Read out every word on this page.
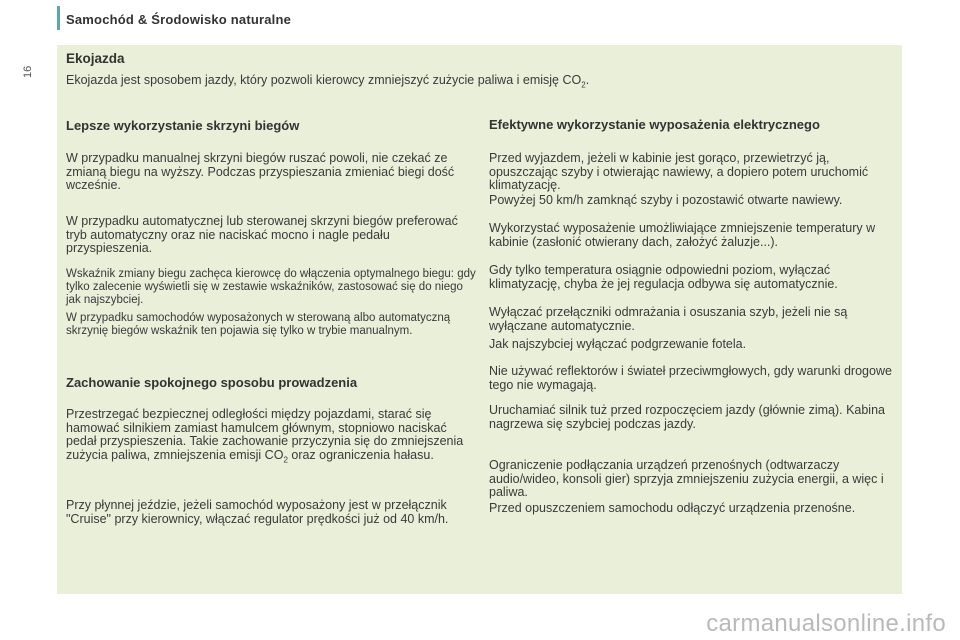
Samochód & Środowisko naturalne
16
Ekojazda

Ekojazda jest sposobem jazdy, który pozwoli kierowcy zmniejszyć zużycie paliwa i emisję $CO_2$.

Lepsze wykorzystanie skrzyni biegów

W przypadku manualnej skrzyni biegów ruszać powoli, nie czekać ze zmianą biegu na wyższy. Podczas przyspieszania zmieniać biegi dość wcześnie.

W przypadku automatycznej lub sterowanej skrzyni biegów preferować tryb automatyczny oraz nie naciskać mocno i nagle pedału przyspieszenia.

Wskaźnik zmiany biegu zachęca kierowcę do włączenia optymalnego biegu: gdy tylko zalecenie wyświetli się w zestawie wskaźników, zastosować się do niego jak najszybciej.

W przypadku samochodów wyposażonych w sterowaną albo automatyczną skrzynię biegów wskaźnik ten pojawia się tylko w trybie manualnym.

Zachowanie spokojnego sposobu prowadzenia

Przestrzegać bezpiecznej odległości między pojazdami, starać się hamować silnikiem zamiast hamulcem głównym, stopniowo naciskać pedał przyspieszenia. Takie zachowanie przyczynia się do zmniejszenia zużycia paliwa, zmniejszenia emisji $CO_2$ oraz ograniczenia hałasu.

Przy płynnej jeździe, jeżeli samochód wyposażony jest w przełącznik "Cruise" przy kierownicy, włączać regulator prędkości już od 40 km/h.

Efektywne wykorzystanie wyposażenia elektrycznego

Przed wyjazdem, jeżeli w kabinie jest gorąco, przewietrzyć ją, opuszczając szyby i otwierając nawiewy, a dopiero potem uruchomić klimatyzację.

Powyżej 50 km/h zamknąć szyby i pozostawić otwarte nawiewy.

Wykorzystać wyposażenie umożliwiające zmniejszenie temperatury w kabinie (zasłonić otwierany dach, założyć żaluzje...).

Gdy tylko temperatura osiągnie odpowiedni poziom, wyłączać klimatyzację, chyba że jej regulacja odbywa się automatycznie.

Wyłączać przełączniki odmrażania i osuszania szyb, jeżeli nie są wyłączane automatycznie.

Jak najszybciej wyłączać podgrzewanie fotela.

Nie używać reflektorów i świateł przeciwmgłowych, gdy warunki drogowe tego nie wymagają.

Uruchamiać silnik tuż przed rozpoczęciem jazdy (głównie zimą). Kabina nagrzewa się szybciej podczas jazdy.

Ograniczenie podłączania urządzeń przenośnych (odtwarzaczy audio/wideo, konsoli gier) sprzyja zmniejszeniu zużycia energii, a więc i paliwa.

Przed opuszczeniem samochodu odłączyć urządzenia przenośne.

carmanualsonline.info
